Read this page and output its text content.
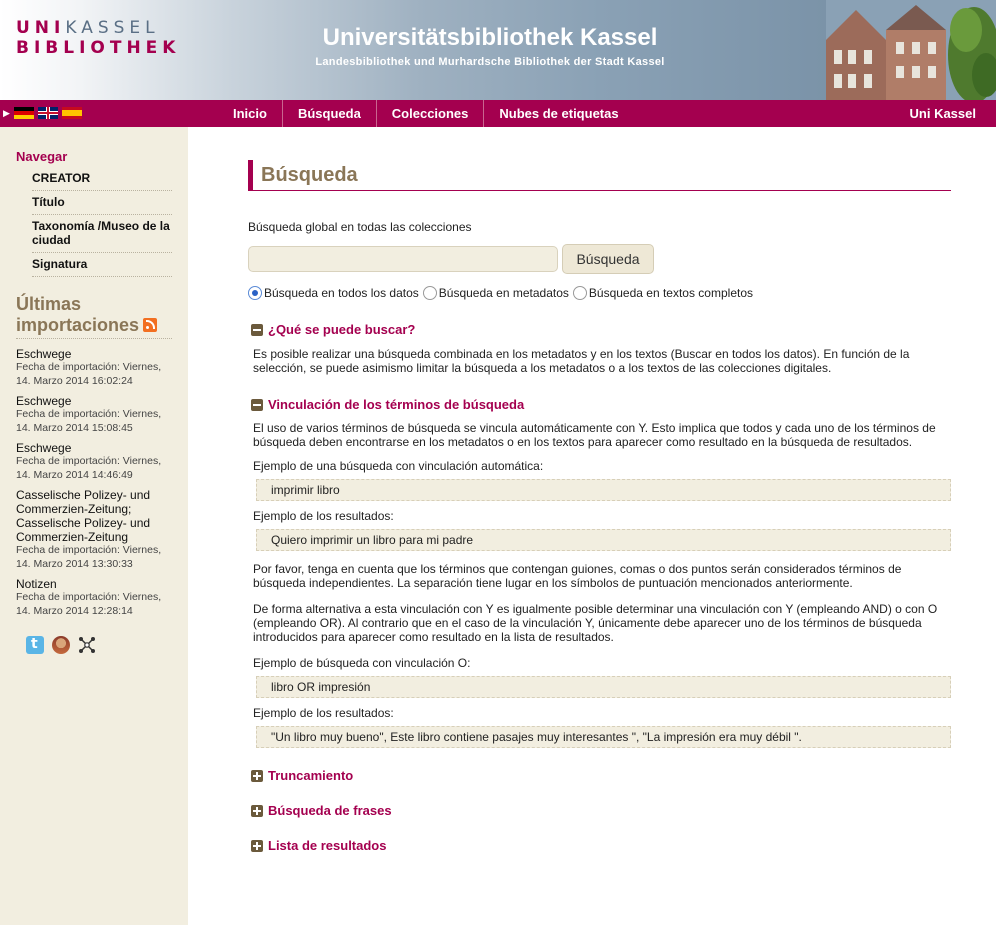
UNIKASSEL
BIBLIOTHEK	Universitätsbibliothek Kassel
Landesbibliothek und Murhardsche Bibliothek der Stadt Kassel
▶	Inicio	Búsqueda	Colecciones	Nubes de etiquetas	Uni Kassel
Navegar
CREATOR
Título
Taxonomía /Museo de la ciudad
Signatura
Últimas importaciones
Eschwege
Fecha de importación: Viernes, 14. Marzo 2014 16:02:24
Eschwege
Fecha de importación: Viernes, 14. Marzo 2014 15:08:45
Eschwege
Fecha de importación: Viernes, 14. Marzo 2014 14:46:49
Casselische Polizey- und Commerzien-Zeitung; Casselische Polizey- und Commerzien-Zeitung
Fecha de importación: Viernes, 14. Marzo 2014 13:30:33
Notizen
Fecha de importación: Viernes, 14. Marzo 2014 12:28:14
t
Búsqueda
Búsqueda global en todas las colecciones
Búsqueda
Búsqueda en todos los datos Búsqueda en metadatos Búsqueda en textos completos
¿Qué se puede buscar?
Es posible realizar una búsqueda combinada en los metadatos y en los textos (Buscar en todos los datos). En función de la selección, se puede asimismo limitar la búsqueda a los metadatos o a los textos de las colecciones digitales.
Vinculación de los términos de búsqueda
El uso de varios términos de búsqueda se vincula automáticamente con Y. Esto implica que todos y cada uno de los términos de búsqueda deben encontrarse en los metadatos o en los textos para aparecer como resultado en la búsqueda de resultados.
Ejemplo de una búsqueda con vinculación automática:
imprimir libro
Ejemplo de los resultados:
Quiero imprimir un libro para mi padre
Por favor, tenga en cuenta que los términos que contengan guiones, comas o dos puntos serán considerados términos de búsqueda independientes. La separación tiene lugar en los símbolos de puntuación mencionados anteriormente.
De forma alternativa a esta vinculación con Y es igualmente posible determinar una vinculación con Y (empleando AND) o con O (empleando OR). Al contrario que en el caso de la vinculación Y, únicamente debe aparecer uno de los términos de búsqueda introducidos para aparecer como resultado en la lista de resultados.
Ejemplo de búsqueda con vinculación O:
libro OR impresión
Ejemplo de los resultados:
"Un libro muy bueno", Este libro contiene pasajes muy interesantes ", "La impresión era muy débil ".
Truncamiento
Búsqueda de frases
Lista de resultados
